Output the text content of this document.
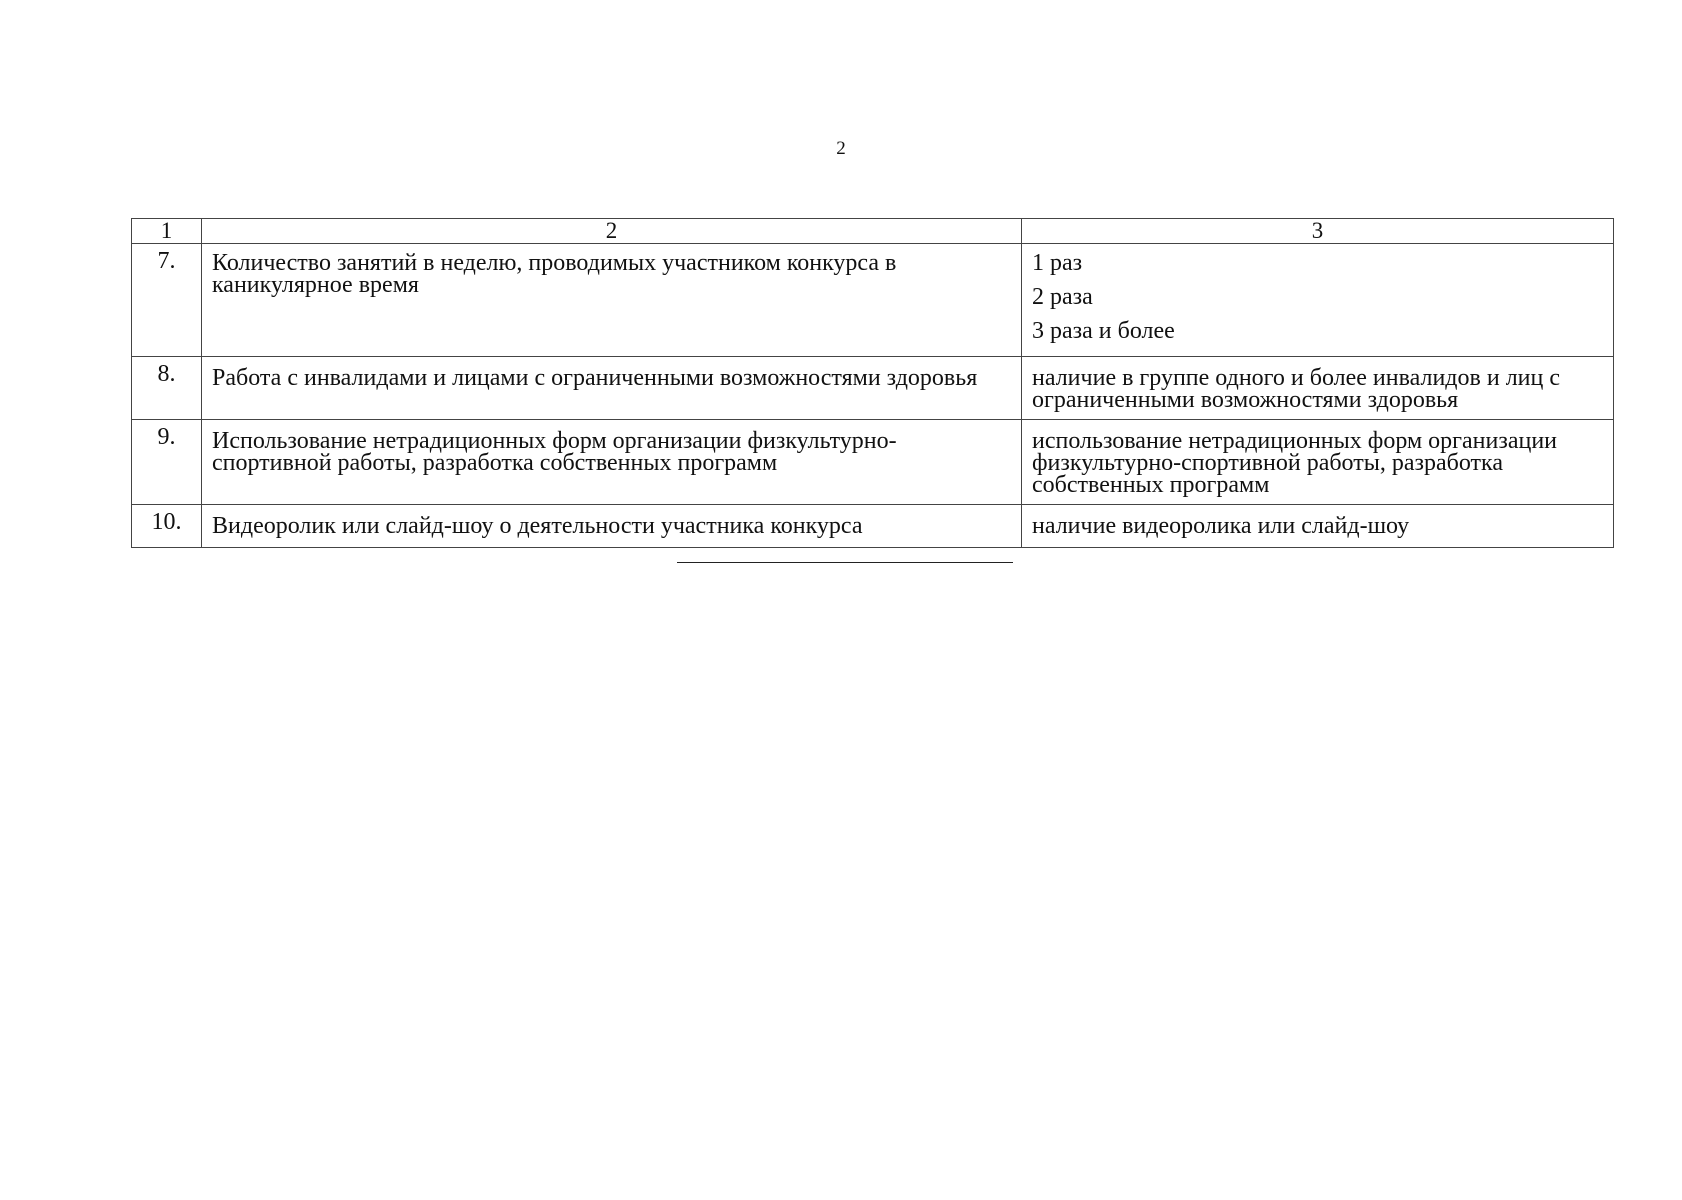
2
1	2	3
7.	Количество занятий в неделю, проводимых участником конкурса в каникулярное время	1 раз
2 раза
3 раза и более

8.	Работа с инвалидами и лицами с ограниченными возможностями здоровья	наличие в группе одного и более инвалидов и лиц с ограниченными возможностями здоровья

9.	Использование нетрадиционных форм организации физкультурно-спортивной работы, разработка собственных программ	использование нетрадиционных форм организации физкультурно-спортивной работы, разработка собственных программ

10.	Видеоролик или слайд-шоу о деятельности участника конкурса	наличие видеоролика или слайд-шоу
